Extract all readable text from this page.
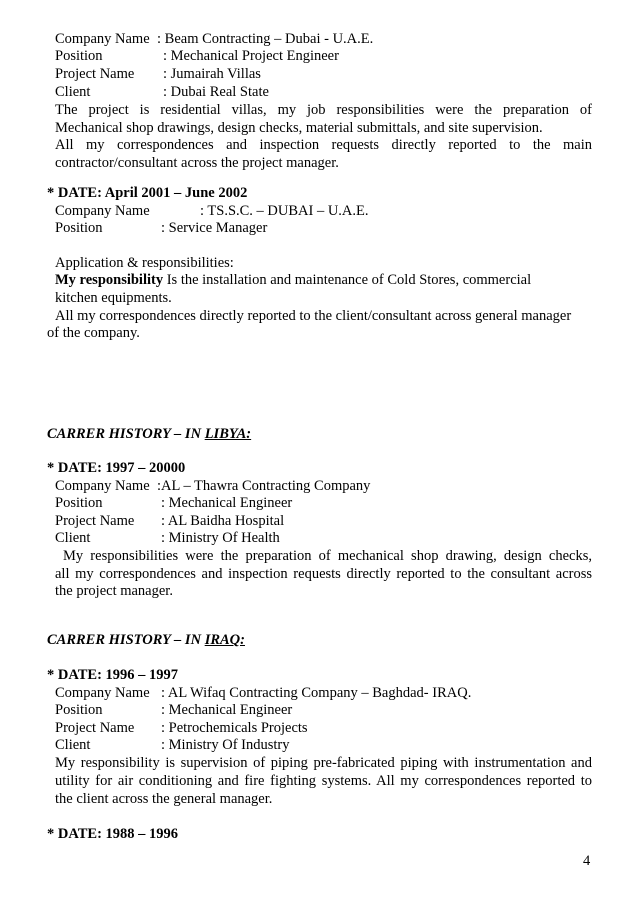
Company Name : Beam Contracting – Dubai - U.A.E.
Position	: Mechanical Project Engineer
Project Name : Jumairah Villas
Client	: Dubai Real State
The project is residential villas, my job responsibilities were the preparation of
Mechanical shop drawings, design checks, material submittals, and site supervision.
All my correspondences and inspection requests directly reported to the main
contractor/consultant across the project manager.
* DATE: April 2001 – June 2002
Company Name	: TS.S.C. – DUBAI – U.A.E.
Position	: Service Manager
Application & responsibilities:
My responsibility Is the installation and maintenance of Cold Stores, commercial
kitchen equipments.
All my correspondences directly reported to the client/consultant across general manager
of the company.
CARRER HISTORY – IN LIBYA:
* DATE: 1997 – 20000
Company Name :AL – Thawra Contracting Company
Position	: Mechanical Engineer
Project Name : AL Baidha Hospital
Client	: Ministry Of Health
My responsibilities were the preparation of mechanical shop drawing, design checks,
all my correspondences and inspection requests directly reported to the consultant across
the project manager.
CARRER HISTORY – IN IRAQ:
* DATE: 1996 – 1997
Company Name : AL Wifaq Contracting Company – Baghdad- IRAQ.
Position	: Mechanical Engineer
Project Name : Petrochemicals Projects
Client	: Ministry Of Industry
My responsibility is supervision of piping pre-fabricated piping with instrumentation and
utility for air conditioning and fire fighting systems. All my correspondences reported to
the client across the general manager.
* DATE: 1988 – 1996
4
